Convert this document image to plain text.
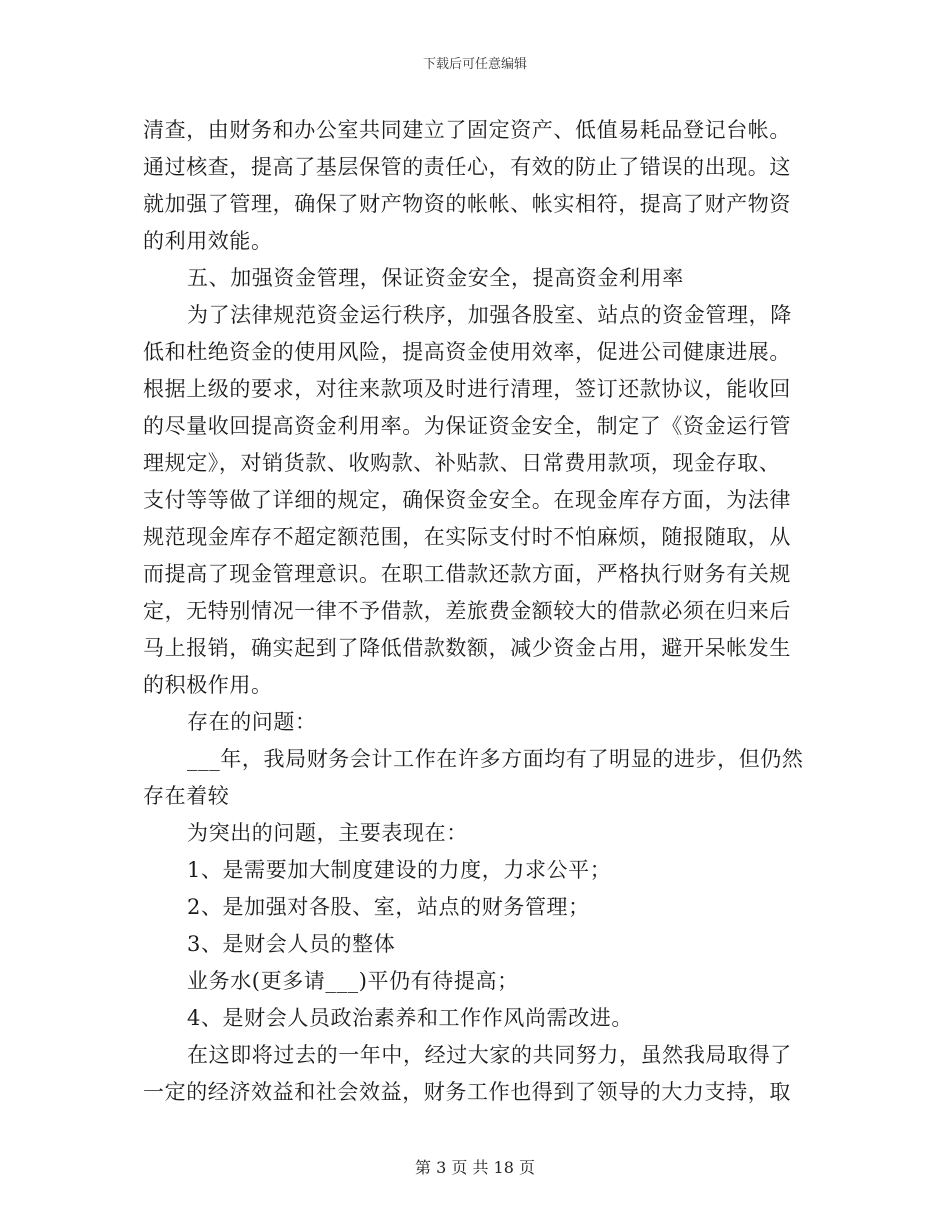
下载后可任意编辑
清查，由财务和办公室共同建立了固定资产、低值易耗品登记台帐。
通过核查，提高了基层保管的责任心，有效的防止了错误的出现。这
就加强了管理，确保了财产物资的帐帐、帐实相符，提高了财产物资
的利用效能。
五、加强资金管理，保证资金安全，提高资金利用率
为了法律规范资金运行秩序，加强各股室、站点的资金管理，降
低和杜绝资金的使用风险，提高资金使用效率，促进公司健康进展。
根据上级的要求，对往来款项及时进行清理，签订还款协议，能收回
的尽量收回提高资金利用率。为保证资金安全，制定了《资金运行管
理规定》，对销货款、收购款、补贴款、日常费用款项，现金存取、
支付等等做了详细的规定，确保资金安全。在现金库存方面，为法律
规范现金库存不超定额范围，在实际支付时不怕麻烦，随报随取，从
而提高了现金管理意识。在职工借款还款方面，严格执行财务有关规
定，无特别情况一律不予借款，差旅费金额较大的借款必须在归来后
马上报销，确实起到了降低借款数额，减少资金占用，避开呆帐发生
的积极作用。
存在的问题：
___年，我局财务会计工作在许多方面均有了明显的进步，但仍然
存在着较
为突出的问题，主要表现在：
1、是需要加大制度建设的力度，力求公平；
2、是加强对各股、室，站点的财务管理；
3、是财会人员的整体
业务水(更多请___)平仍有待提高；
4、是财会人员政治素养和工作作风尚需改进。
在这即将过去的一年中，经过大家的共同努力，虽然我局取得了
一定的经济效益和社会效益，财务工作也得到了领导的大力支持，取
第 3 页 共 18 页
